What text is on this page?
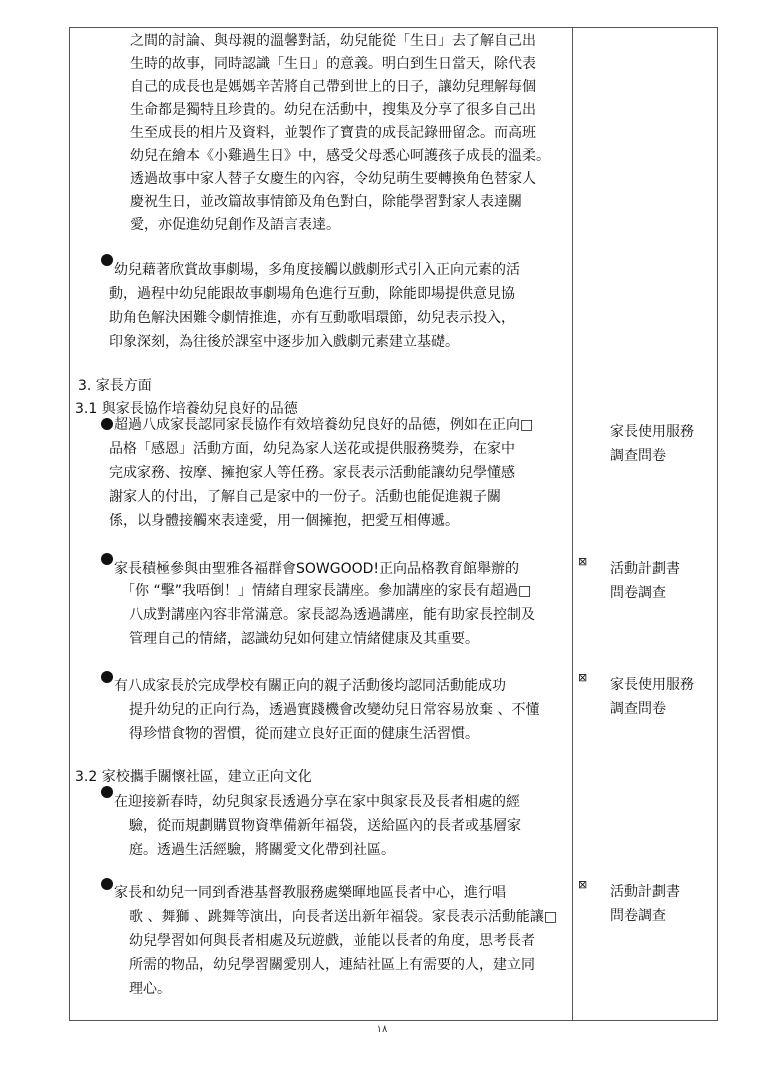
之間的討論、與母親的溫馨對話，幼兒能從「生日」去了解自己出
生時的故事，同時認識「生日」的意義。明白到生日當天，除代表
自己的成長也是媽媽辛苦將自己帶到世上的日子，讓幼兒理解每個
生命都是獨特且珍貴的。幼兒在活動中，搜集及分享了很多自己出
生至成長的相片及資料，並製作了寶貴的成長記錄冊留念。而高班
幼兒在繪本《小雞過生日》中，感受父母悉心呵護孩子成長的溫柔。
透過故事中家人替子女慶生的內容，令幼兒萌生要轉換角色替家人
慶祝生日，並改篇故事情節及角色對白，除能學習對家人表達關
愛，亦促進幼兒創作及語言表達。
幼兒藉著欣賞故事劇場，多角度接觸以戲劇形式引入正向元素的活
動，過程中幼兒能跟故事劇場角色進行互動，除能即場提供意見協
助角色解決困難令劇情推進，亦有互動歌唱環節，幼兒表示投入，
印象深刻，為往後於課室中逐步加入戲劇元素建立基礎。
3. 家長方面
3.1 與家長協作培養幼兒良好的品德
超過八成家長認同家長協作有效培養幼兒良好的品德，例如在正向□
品格「感恩」活動方面，幼兒為家人送花或提供服務獎券，在家中
完成家務、按摩、擁抱家人等任務。家長表示活動能讓幼兒學懂感
謝家人的付出，了解自己是家中的一份子。活動也能促進親子關
係，以身體接觸來表達愛，用一個擁抱，把愛互相傳遞。
家長使用服務
調查問卷
家長積極參與由聖雅各福群會SOWGOOD!正向品格教育館舉辦的
「你 “擊”我唔倒！」情緒自理家長講座。參加講座的家長有超過□
八成對講座內容非常滿意。家長認為透過講座，能有助家長控制及
管理自己的情緒，認識幼兒如何建立情緒健康及其重要。
⊠ 活動計劃書
問卷調查
有八成家長於完成學校有關正向的親子活動後均認同活動能成功
提升幼兒的正向行為，透過實踐機會改變幼兒日常容易放棄 、不懂
得珍惜食物的習慣，從而建立良好正面的健康生活習慣。
⊠ 家長使用服務
調查問卷
3.2 家校攜手關懷社區，建立正向文化
在迎接新春時，幼兒與家長透過分享在家中與家長及長者相處的經
驗，從而規劃購買物資準備新年福袋，送給區內的長者或基層家
庭。透過生活經驗，將關愛文化帶到社區。
家長和幼兒一同到香港基督教服務處樂暉地區長者中心，進行唱
歌 、舞獅 、跳舞等演出，向長者送出新年福袋。家長表示活動能讓□
幼兒學習如何與長者相處及玩遊戲，並能以長者的角度，思考長者
所需的物品，幼兒學習關愛別人，連結社區上有需要的人，建立同
理心。
⊠ 活動計劃書
問卷調查
١٨
